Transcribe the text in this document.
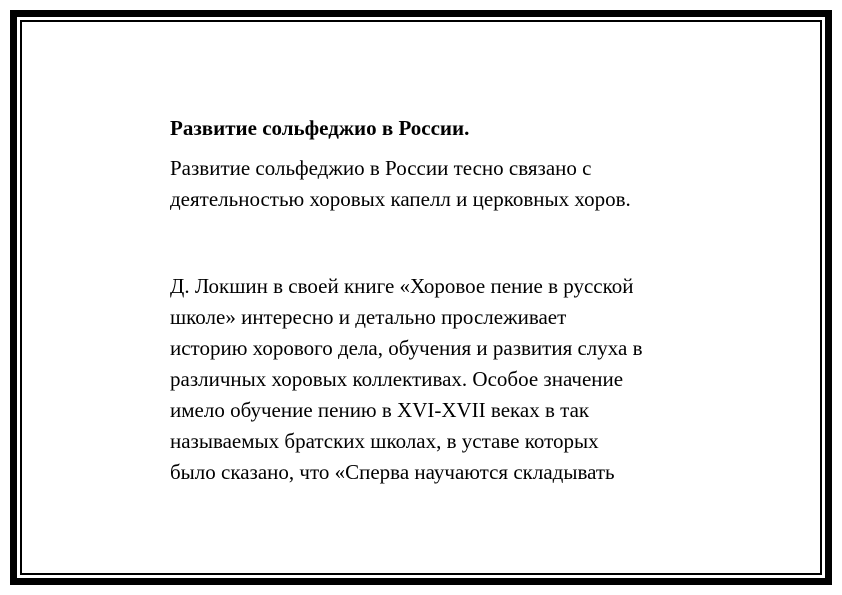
Развитие сольфеджио в России.

Развитие сольфеджио в России тесно связано с

деятельностью хоровых капелл и церковных хоров.

Д. Локшин в своей книге «Хоровое пение в русской

школе» интересно и детально прослеживает

историю хорового дела, обучения и развития слуха в

различных хоровых коллективах. Особое значение

имело обучение пению в XVI-XVII веках в так

называемых братских школах, в уставе которых

было сказано, что «Сперва научаются складывать
